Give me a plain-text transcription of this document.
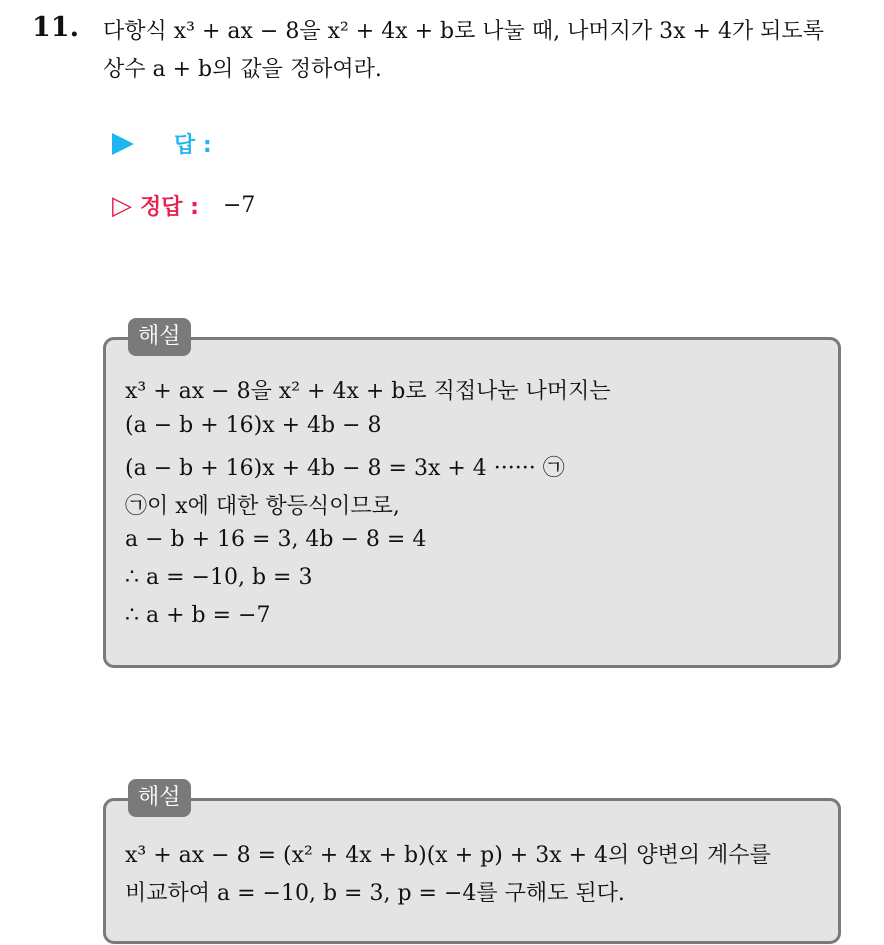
11. 다항식 x³ + ax − 8을 x² + 4x + b로 나눌 때, 나머지가 3x + 4가 되도록
상수 a + b의 값을 정하여라.
답 :
▷ 정답 : −7
해설
x³ + ax − 8을 x² + 4x + b로 직접나눈 나머지는
(a − b + 16)x + 4b − 8
(a − b + 16)x + 4b − 8 = 3x + 4 ······ ㉠
㉠이 x에 대한 항등식이므로,
a − b + 16 = 3, 4b − 8 = 4
∴ a = −10, b = 3
∴ a + b = −7
해설
x³ + ax − 8 = (x² + 4x + b)(x + p) + 3x + 4의 양변의 계수를
비교하여 a = −10, b = 3, p = −4를 구해도 된다.
